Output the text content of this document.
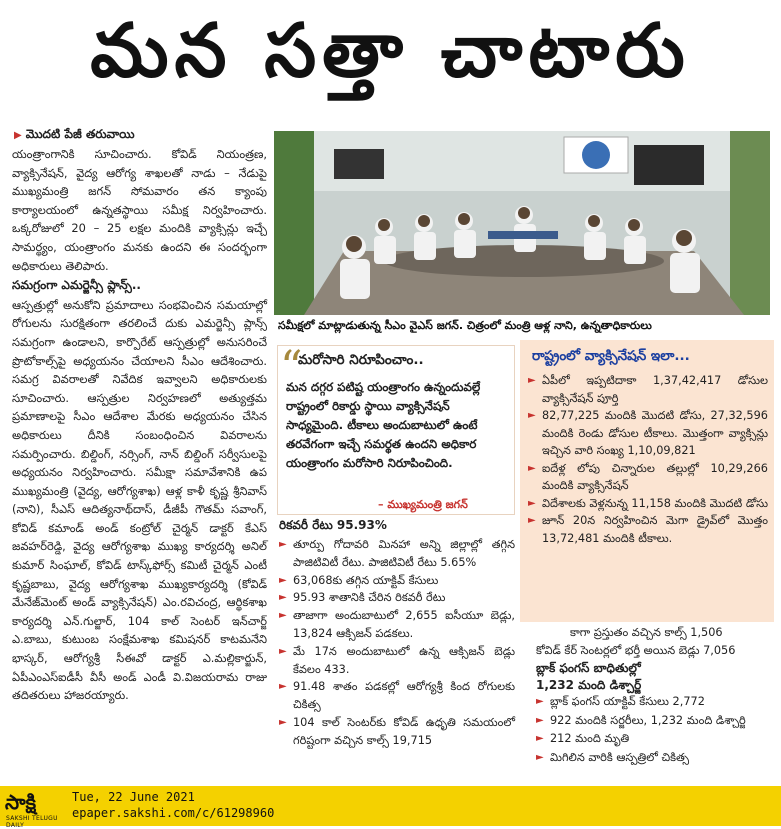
మన సత్తా చాటారు
▶ మొదటి పేజీ తరువాయి

యంత్రాంగానికి సూచించారు. కోవిడ్ నియంత్రణ, వ్యాక్సినేషన్, వైద్య ఆరోగ్య శాఖలతో నాడు – నేడుపై ముఖ్యమంత్రి జగన్ సోమవారం తన క్యాంపు కార్యాలయంలో ఉన్నతస్థాయి సమీక్ష నిర్వహించారు. ఒక్కరోజులో 20 – 25 లక్షల మందికి వ్యాక్సిన్లు ఇచ్చే సామర్థ్యం, యంత్రాంగం మనకు ఉందని ఈ సందర్భంగా అధికారులు తెలిపారు.

సమగ్రంగా ఎమర్జెన్సీ ప్లాన్స్..

ఆస్పత్రుల్లో అనుకోని ప్రమాదాలు సంభవించిన సమయాల్లో రోగులను సురక్షితంగా తరలించే దుకు ఎమర్జెన్సీ ప్లాన్స్ సమగ్రంగా ఉండాలని, కార్పొరేట్ ఆస్పత్రుల్లో అనుసరించే ప్రొటోకాల్స్‌పై అధ్యయనం చేయాలని సీఎం ఆదేశించారు. సమగ్ర వివరాలతో నివేదిక ఇవ్వాలని అధికారులకు సూచించారు. ఆస్పత్రుల నిర్వహణలో అత్యుత్తమ ప్రమాణాలపై సీఎం ఆదేశాల మేరకు అధ్యయనం చేసిన అధికారులు దీనికి సంబంధించిన వివరాలను సమర్పించారు. బిల్డింగ్, నర్సింగ్, నాన్ బిల్డింగ్ సర్వీసులపై అధ్యయనం నిర్వహించారు. సమీక్షా సమావేశానికి ఉప ముఖ్యమంత్రి (వైద్య, ఆరోగ్యశాఖ) ఆళ్ల కాళీ కృష్ణ శ్రీనివాస్ (నాని), సీఎస్ ఆదిత్యనాథ్‌దాస్, డీజీపీ గౌతమ్ సవాంగ్, కోవిడ్ కమాండ్ అండ్ కంట్రోల్ చైర్మన్ డాక్టర్ కేఎస్ జవహర్‌రెడ్డి, వైద్య ఆరోగ్యశాఖ ముఖ్య కార్యదర్శి అనిల్ కుమార్ సింఘాల్, కోవిడ్ టాస్క్‌ఫోర్స్ కమిటీ చైర్మన్ ఎంటీ కృష్ణబాబు, వైద్య ఆరోగ్యశాఖ ముఖ్యకార్యదర్శి (కోవిడ్ మేనేజ్‌మెంట్ అండ్ వ్యాక్సినేషన్) ఎం.రవిచంద్ర, ఆర్థికశాఖ కార్యదర్శి ఎన్.గుల్జార్, 104 కాల్ సెంటర్ ఇన్‌చార్జ్ ఎ.బాబు, కుటుంబ సంక్షేమశాఖ కమిషనర్ కాటమనేని భాస్కర్, ఆరోగ్యశ్రీ సీఈవో డాక్టర్ ఎ.మల్లికార్జున్, ఏపీఎంఎస్ఐడీసీ వీసీ అండ్ ఎండీ వి.విజయరామ రాజు తదితరులు హాజరయ్యారు.

సమీక్షలో మాట్లాడుతున్న సీఎం వైఎస్ జగన్. చిత్రంలో మంత్రి ఆళ్ల నాని, ఉన్నతాధికారులు
“
మరోసారి నిరూపించాం..
మన దగ్గర పటిష్ట యంత్రాంగం ఉన్నందువల్లే రాష్ట్రంలో రికార్డు స్థాయి వ్యాక్సినేషన్ సాధ్యమైంది. టీకాలు అందుబాటులో ఉంటే తరవేగంగా ఇచ్చే సమర్థత ఉందని అధికార యంత్రాంగం మరోసారి నిరూపించింది.
– ముఖ్యమంత్రి జగన్
రాష్ట్రంలో వ్యాక్సినేషన్ ఇలా...
► ఏపీలో ఇప్పటిదాకా 1,37,42,417 డోసుల వ్యాక్సినేషన్ పూర్తి
► 82,77,225 మందికి మొదటి డోసు, 27,32,596 మందికి రెండు డోసుల టీకాలు. మొత్తంగా వ్యాక్సిన్లు ఇచ్చిన వారి సంఖ్య 1,10,09,821
► ఐదేళ్ల లోపు చిన్నారుల తల్లుల్లో 10,29,266 మందికి వ్యాక్సినేషన్
► విదేశాలకు వెళ్లనున్న 11,158 మందికి మొదటి డోసు
► జూన్ 20న నిర్వహించిన మెగా డ్రైవ్‌లో మొత్తం 13,72,481 మందికి టీకాలు.
రికవరీ రేటు 95.93%
► తూర్పు గోదావరి మినహా అన్ని జిల్లాల్లో తగ్గిన పాజిటివిటీ రేటు. పాజిటివిటీ రేటు 5.65%
► 63,068కు తగ్గిన యాక్టివ్ కేసులు
► 95.93 శాతానికి చేరిన రికవరీ రేటు
► తాజాగా అందుబాటులో 2,655 ఐసీయూ బెడ్లు, 13,824 ఆక్సిజన్ పడకలు.
► మే 17న అందుబాటులో ఉన్న ఆక్సిజన్ బెడ్లు కేవలం 433.
► 91.48 శాతం పడకల్లో ఆరోగ్యశ్రీ కింద రోగులకు చికిత్స
► 104 కాల్ సెంటర్‌కు కోవిడ్ ఉధృతి సమయంలో గరిష్టంగా వచ్చిన కాల్స్ 19,715
కాగా ప్రస్తుతం వచ్చిన కాల్స్ 1,506
కోవిడ్ కేర్ సెంటర్లలో భర్తీ అయిన బెడ్లు 7,056
బ్లాక్ ఫంగస్ బాధితుల్లో
1,232 మంది డిశ్చార్జ్
► బ్లాక్ ఫంగస్ యాక్టివ్ కేసులు 2,772
► 922 మందికి సర్జరీలు, 1,232 మంది డిశ్చార్జి
► 212 మంది మృతి
► మిగిలిన వారికి ఆస్పత్రిలో చికిత్స
సాక్షి
SAKSHI TELUGU DAILY
Tue, 22 June 2021
epaper.sakshi.com/c/61298960
